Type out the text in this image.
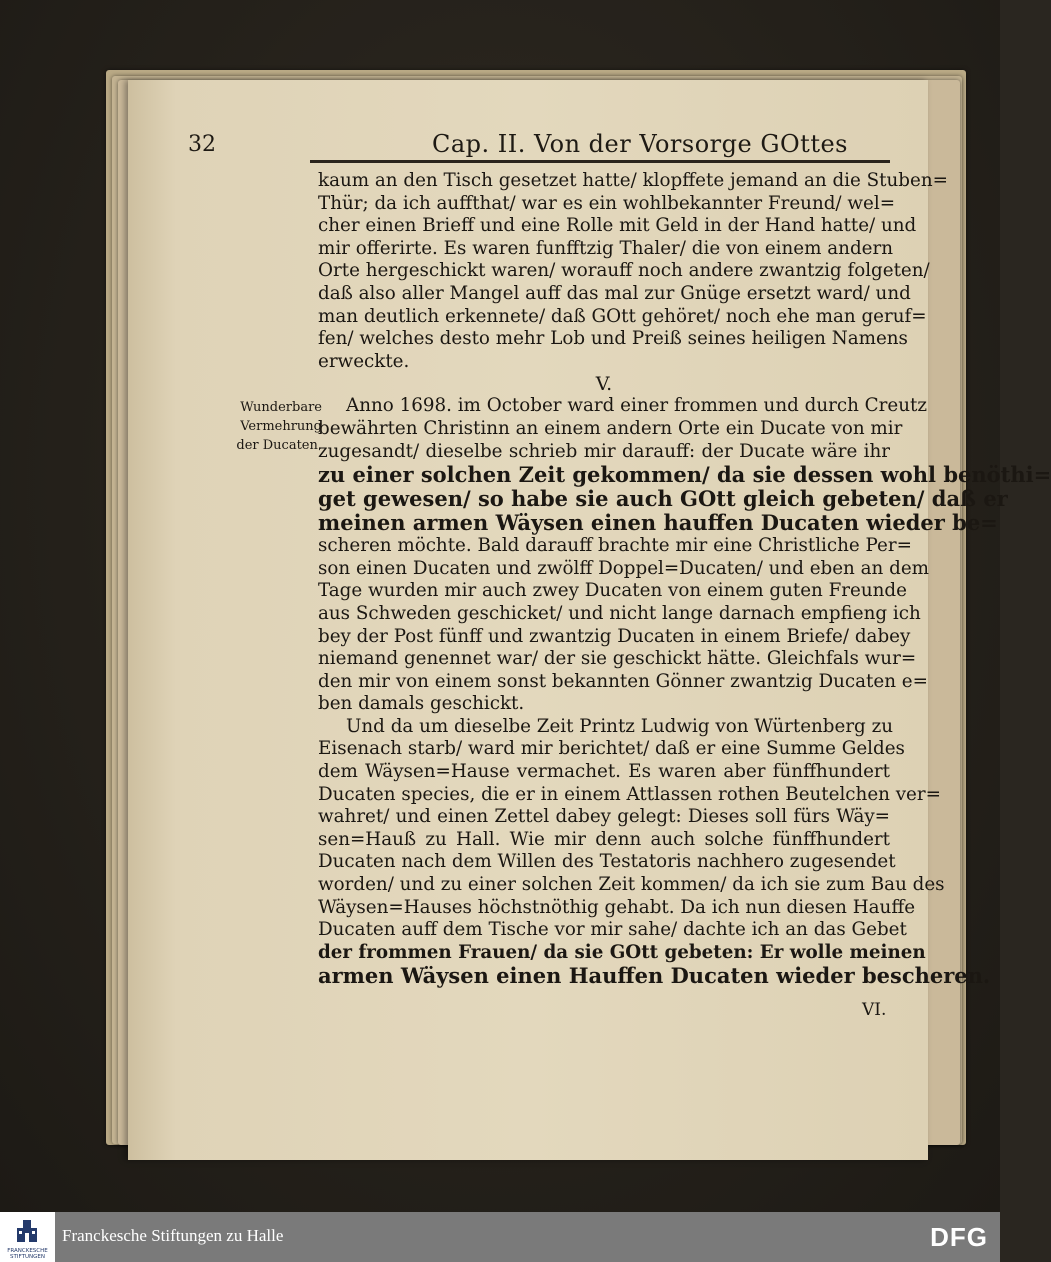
32	Cap. II. Von der Vorsorge GOttes
Wunderbare
Vermehrung
der Ducaten.
kaum an den Tisch gesetzet hatte/ klopffete jemand an die Stuben=
Thür; da ich auffthat/ war es ein wohlbekannter Freund/ wel=
cher einen Brieff und eine Rolle mit Geld in der Hand hatte/ und
mir offerirte. Es waren funfftzig Thaler/ die von einem andern
Orte hergeschickt waren/ worauff noch andere zwantzig folgeten/
daß also aller Mangel auff das mal zur Gnüge ersetzt ward/ und
man deutlich erkennete/ daß GOtt gehöret/ noch ehe man geruf=
fen/ welches desto mehr Lob und Preiß seines heiligen Namens
erweckte.
V.
Anno 1698. im October ward einer frommen und durch Creutz
bewährten Christinn an einem andern Orte ein Ducate von mir
zugesandt/ dieselbe schrieb mir darauff: der Ducate wäre ihr
zu einer solchen Zeit gekommen/ da sie dessen wohl benöthi=
get gewesen/ so habe sie auch GOtt gleich gebeten/ daß er
meinen armen Wäysen einen hauffen Ducaten wieder be=
scheren möchte. Bald darauff brachte mir eine Christliche Per=
son einen Ducaten und zwölff Doppel=Ducaten/ und eben an dem
Tage wurden mir auch zwey Ducaten von einem guten Freunde
aus Schweden geschicket/ und nicht lange darnach empfieng ich
bey der Post fünff und zwantzig Ducaten in einem Briefe/ dabey
niemand genennet war/ der sie geschickt hätte. Gleichfals wur=
den mir von einem sonst bekannten Gönner zwantzig Ducaten e=
ben damals geschickt.
Und da um dieselbe Zeit Printz Ludwig von Würtenberg zu
Eisenach starb/ ward mir berichtet/ daß er eine Summe Geldes
dem Wäysen=Hause vermachet. Es waren aber fünffhundert
Ducaten species, die er in einem Attlassen rothen Beutelchen ver=
wahret/ und einen Zettel dabey gelegt: Dieses soll fürs Wäy=
sen=Hauß zu Hall. Wie mir denn auch solche fünffhundert
Ducaten nach dem Willen des Testatoris nachhero zugesendet
worden/ und zu einer solchen Zeit kommen/ da ich sie zum Bau des
Wäysen=Hauses höchstnöthig gehabt. Da ich nun diesen Hauffe
Ducaten auff dem Tische vor mir sahe/ dachte ich an das Gebet
der frommen Frauen/ da sie GOtt gebeten: Er wolle meinen
armen Wäysen einen Hauffen Ducaten wieder bescheren.
VI.
FRANCKESCHE STIFTUNGEN
Franckesche Stiftungen zu Halle	DFG
